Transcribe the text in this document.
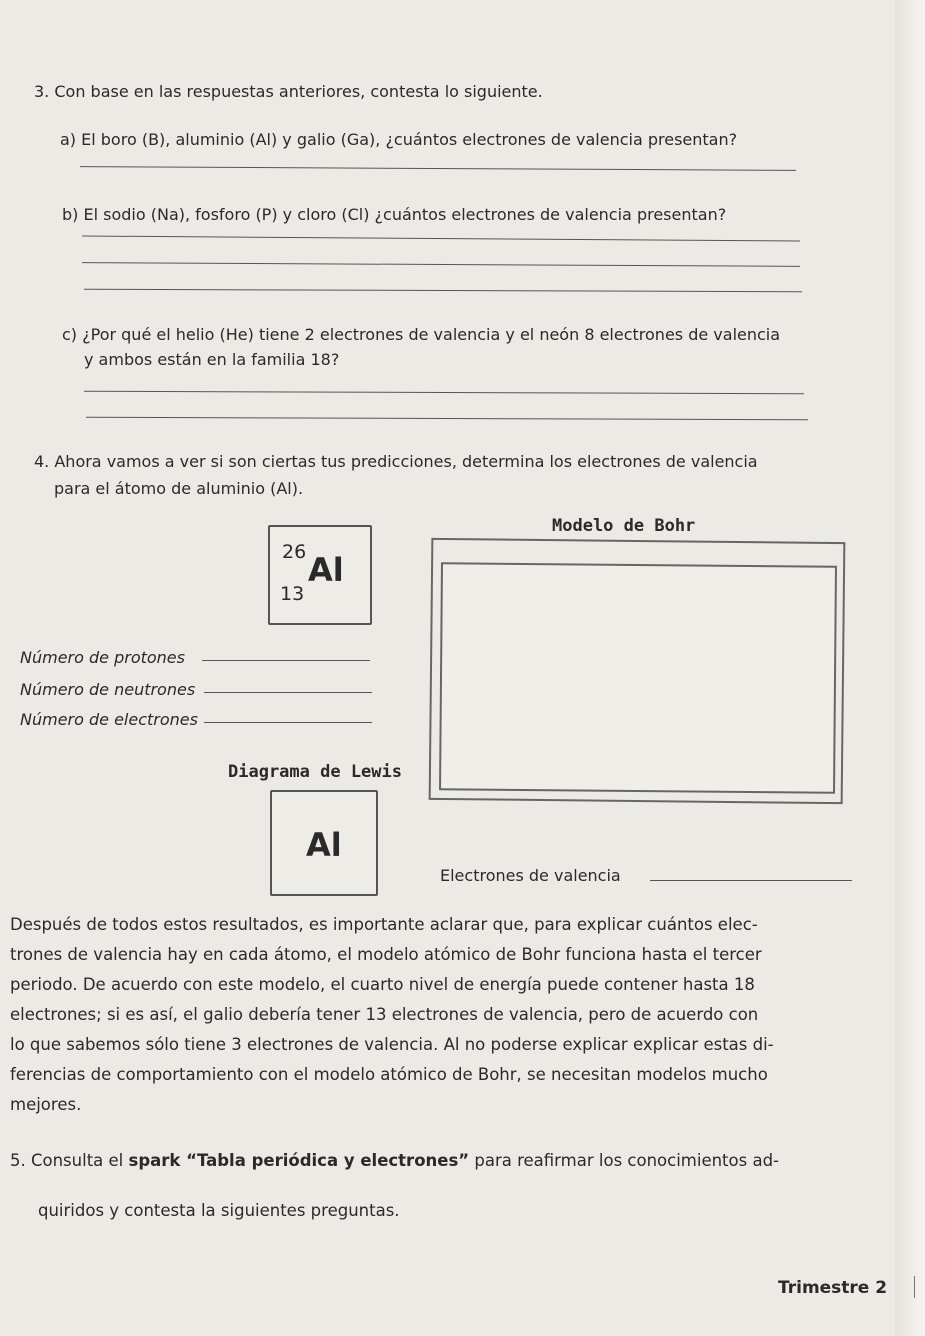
3. Con base en las respuestas anteriores, contesta lo siguiente.
a) El boro (B), aluminio (Al) y galio (Ga), ¿cuántos electrones de valencia presentan?
b) El sodio (Na), fosforo (P) y cloro (Cl) ¿cuántos electrones de valencia presentan?
c) ¿Por qué el helio (He) tiene 2 electrones de valencia y el neón 8 electrones de valencia
y ambos están en la familia 18?
4. Ahora vamos a ver si son ciertas tus predicciones, determina los electrones de valencia
para el átomo de aluminio (Al).
Modelo de Bohr
26 Al
13
Número de protones
Número de neutrones
Número de electrones
Diagrama de Lewis
Al
Electrones de valencia
Después de todos estos resultados, es importante aclarar que, para explicar cuántos elec-
trones de valencia hay en cada átomo, el modelo atómico de Bohr funciona hasta el tercer
periodo. De acuerdo con este modelo, el cuarto nivel de energía puede contener hasta 18
electrones; si es así, el galio debería tener 13 electrones de valencia, pero de acuerdo con
lo que sabemos sólo tiene 3 electrones de valencia. Al no poderse explicar explicar estas di-
ferencias de comportamiento con el modelo atómico de Bohr, se necesitan modelos mucho
mejores.
5. Consulta el spark “Tabla periódica y electrones” para reafirmar los conocimientos ad-
quiridos y contesta la siguientes preguntas.
Trimestre 2
